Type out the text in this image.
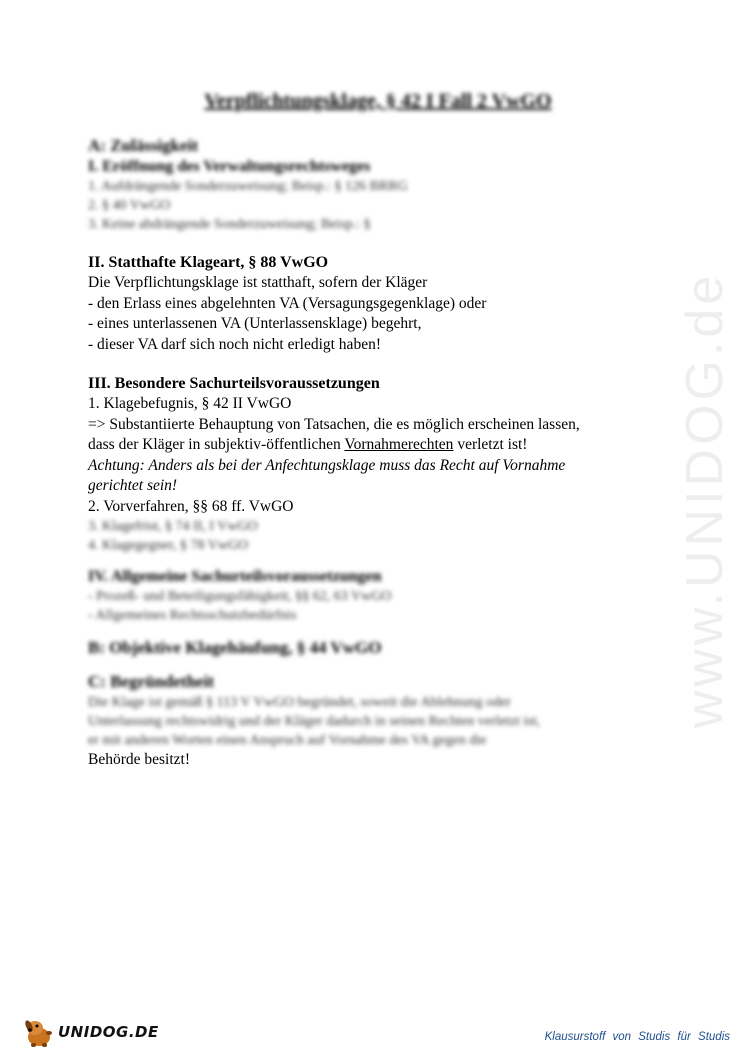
www.UNIDOG.de
Verpflichtungsklage, § 42 I Fall 2 VwGO

A: Zulässigkeit

I. Eröffnung des Verwaltungsrechtsweges

1. Aufdrängende Sonderzuweisung; Beisp.: § 126 BRRG

2. § 40 VwGO

3. Keine abdrängende Sonderzuweisung; Beisp.: §

II. Statthafte Klageart, § 88 VwGO

Die Verpflichtungsklage ist statthaft, sofern der Kläger

- den Erlass eines abgelehnten VA (Versagungsgegenklage) oder

- eines unterlassenen VA (Unterlassensklage) begehrt,

- dieser VA darf sich noch nicht erledigt haben!

III. Besondere Sachurteilsvoraussetzungen

1. Klagebefugnis, § 42 II VwGO

=> Substantiierte Behauptung von Tatsachen, die es möglich erscheinen lassen,

dass der Kläger in subjektiv-öffentlichen Vornahmerechten verletzt ist!

Achtung: Anders als bei der Anfechtungsklage muss das Recht auf Vornahme

gerichtet sein!

2. Vorverfahren, §§ 68 ff. VwGO

3. Klagefrist, § 74 II, I VwGO

4. Klagegegner, § 78 VwGO

IV. Allgemeine Sachurteilsvoraussetzungen

- Prozeß- und Beteiligungsfähigkeit, §§ 62, 63 VwGO

- Allgemeines Rechtsschutzbedürfnis

B: Objektive Klagehäufung, § 44 VwGO

C: Begründetheit

Die Klage ist gemäß § 113 V VwGO begründet, soweit die Ablehnung oder

Unterlassung rechtswidrig und der Kläger dadurch in seinen Rechten verletzt ist,

er mit anderen Worten einen Anspruch auf Vornahme des VA gegen die

Behörde besitzt!

UNIDOG.DE	Klausurstoff von Studis für Studis
